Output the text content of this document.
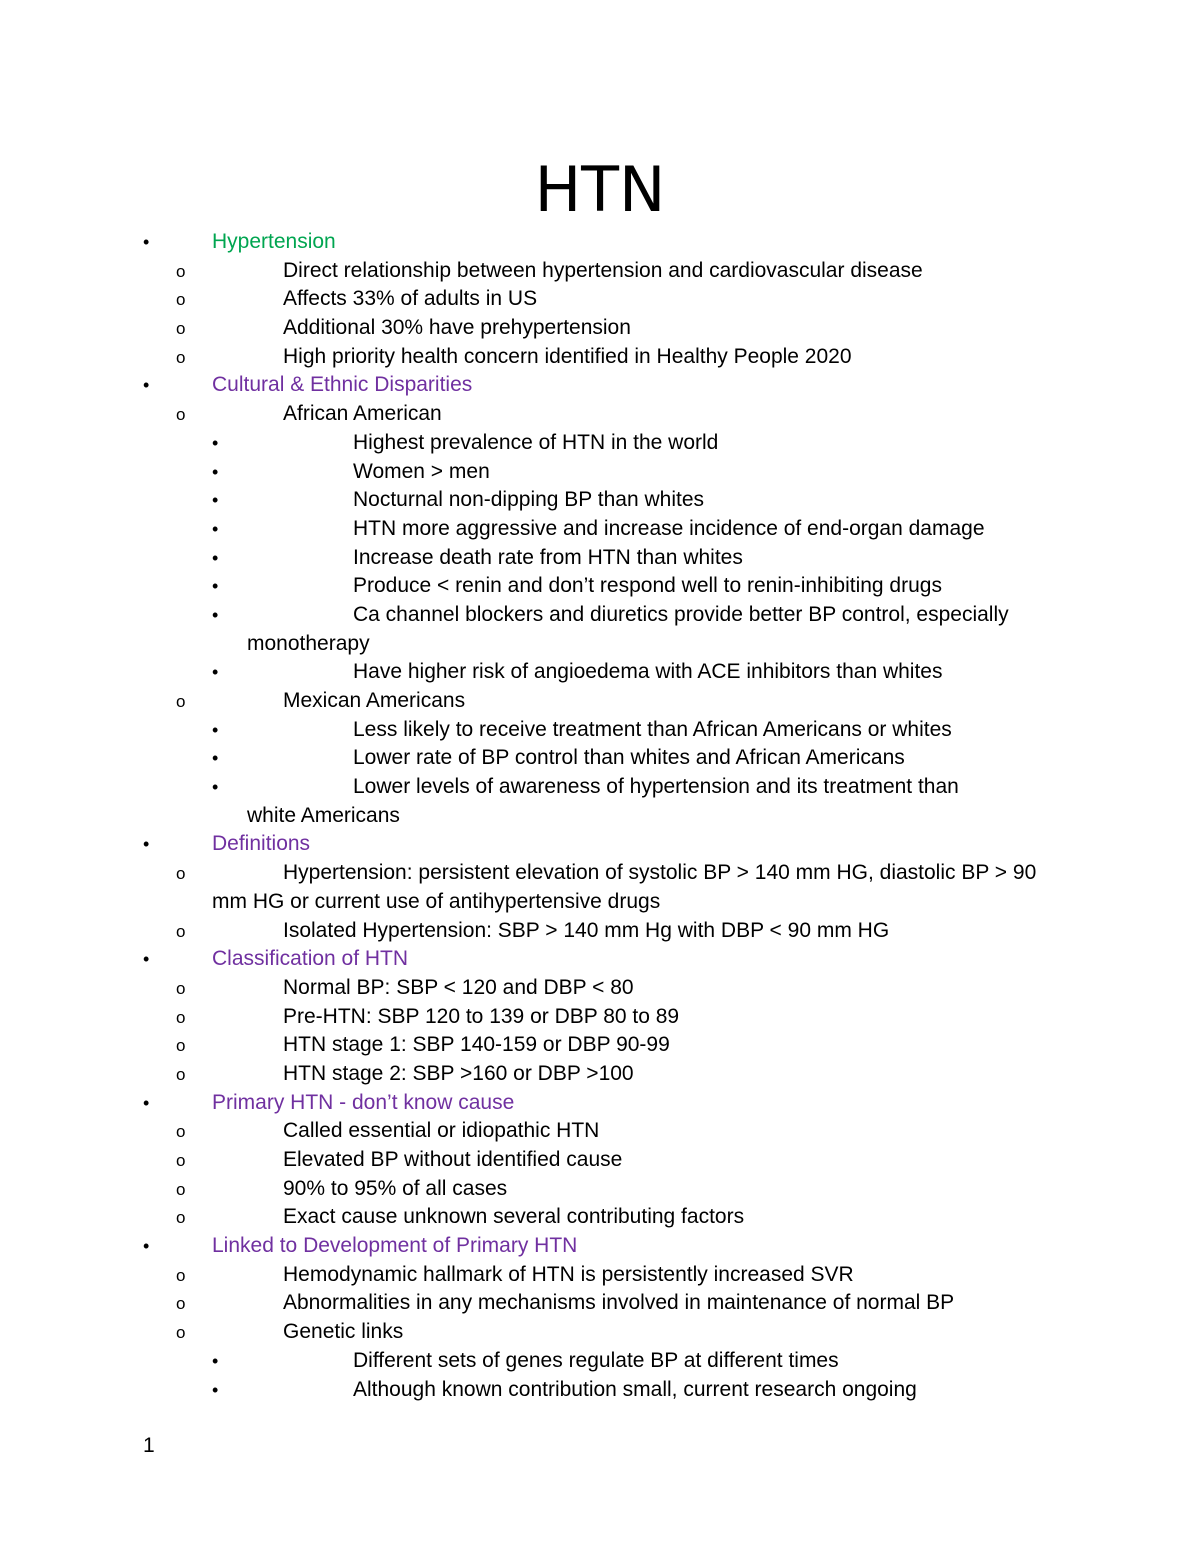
HTN
•	Hypertension
o	Direct relationship between hypertension and cardiovascular disease
o	Affects 33% of adults in US
o	Additional 30% have prehypertension
o	High priority health concern identified in Healthy People 2020
•	Cultural & Ethnic Disparities
o	African American
•	Highest prevalence of HTN in the world
•	Women > men
•	Nocturnal non-dipping BP than whites
•	HTN more aggressive and increase incidence of end-organ damage
•	Increase death rate from HTN than whites
•	Produce < renin and don’t respond well to renin-inhibiting drugs
•	Ca channel blockers and diuretics provide better BP control, especially
monotherapy
•	Have higher risk of angioedema with ACE inhibitors than whites
o	Mexican Americans
•	Less likely to receive treatment than African Americans or whites
•	Lower rate of BP control than whites and African Americans
•	Lower levels of awareness of hypertension and its treatment than
white Americans
•	Definitions
o	Hypertension: persistent elevation of systolic BP > 140 mm HG, diastolic BP > 90
mm HG or current use of antihypertensive drugs
o	Isolated Hypertension: SBP > 140 mm Hg with DBP < 90 mm HG
•	Classification of HTN
o	Normal BP: SBP < 120 and DBP < 80
o	Pre-HTN: SBP 120 to 139 or DBP 80 to 89
o	HTN stage 1: SBP 140-159 or DBP 90-99
o	HTN stage 2: SBP >160 or DBP >100
•	Primary HTN - don’t know cause
o	Called essential or idiopathic HTN
o	Elevated BP without identified cause
o	90% to 95% of all cases
o	Exact cause unknown several contributing factors
•	Linked to Development of Primary HTN
o	Hemodynamic hallmark of HTN is persistently increased SVR
o	Abnormalities in any mechanisms involved in maintenance of normal BP
o	Genetic links
•	Different sets of genes regulate BP at different times
•	Although known contribution small, current research ongoing
1
